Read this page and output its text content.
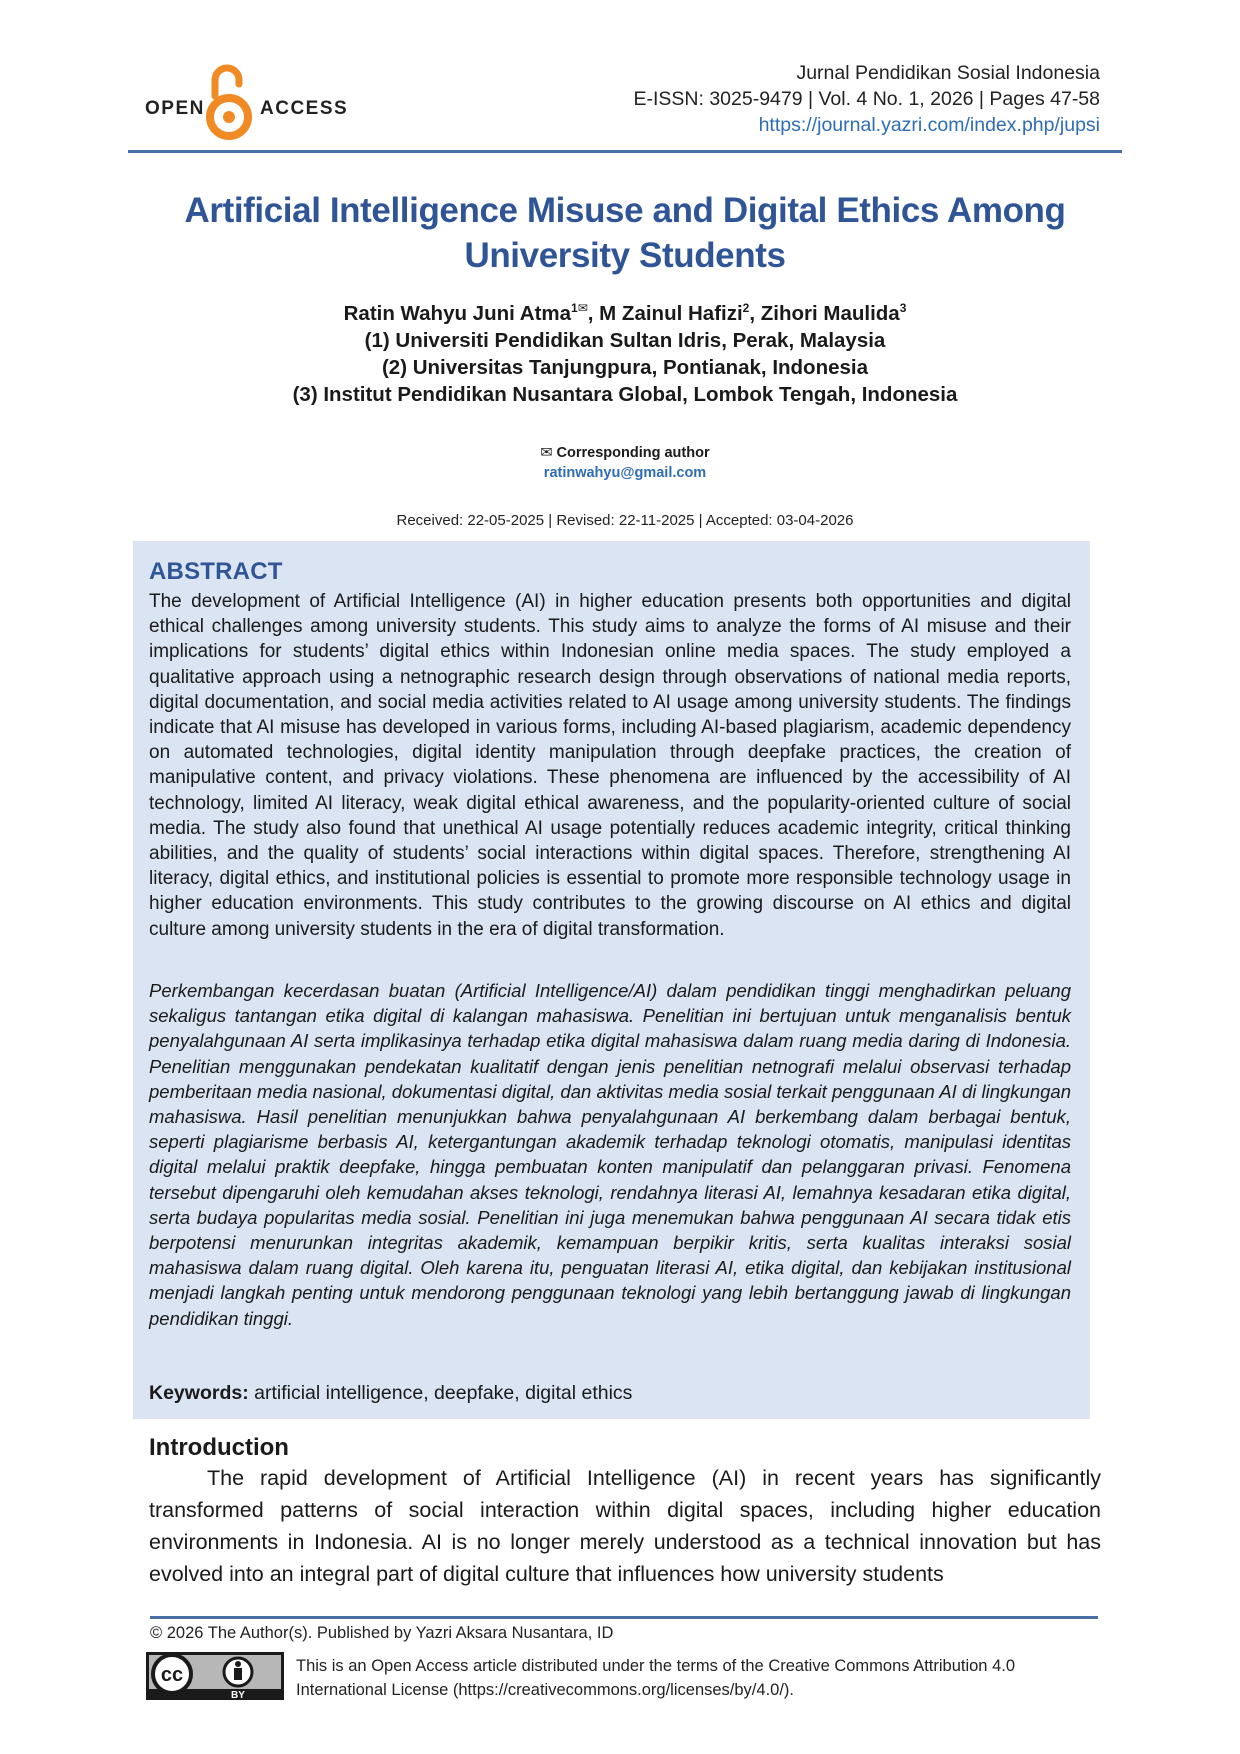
OPEN	ACCESS
Jurnal Pendidikan Sosial Indonesia
E-ISSN: 3025-9479 | Vol. 4 No. 1, 2026 | Pages 47-58
https://journal.yazri.com/index.php/jupsi
Artificial Intelligence Misuse and Digital Ethics Among University Students
Ratin Wahyu Juni Atma$^{1✉}$, M Zainul Hafizi$^2$, Zihori Maulida$^3$
(1) Universiti Pendidikan Sultan Idris, Perak, Malaysia
(2) Universitas Tanjungpura, Pontianak, Indonesia
(3) Institut Pendidikan Nusantara Global, Lombok Tengah, Indonesia
✉ Corresponding author
ratinwahyu@gmail.com
Received: 22-05-2025 | Revised: 22-11-2025 | Accepted: 03-04-2026
ABSTRACT
The development of Artificial Intelligence (AI) in higher education presents both opportunities and digital ethical challenges among university students. This study aims to analyze the forms of AI misuse and their implications for students’ digital ethics within Indonesian online media spaces. The study employed a qualitative approach using a netnographic research design through observations of national media reports, digital documentation, and social media activities related to AI usage among university students. The findings indicate that AI misuse has developed in various forms, including AI-based plagiarism, academic dependency on automated technologies, digital identity manipulation through deepfake practices, the creation of manipulative content, and privacy violations. These phenomena are influenced by the accessibility of AI technology, limited AI literacy, weak digital ethical awareness, and the popularity-oriented culture of social media. The study also found that unethical AI usage potentially reduces academic integrity, critical thinking abilities, and the quality of students’ social interactions within digital spaces. Therefore, strengthening AI literacy, digital ethics, and institutional policies is essential to promote more responsible technology usage in higher education environments. This study contributes to the growing discourse on AI ethics and digital culture among university students in the era of digital transformation.
Perkembangan kecerdasan buatan (Artificial Intelligence/AI) dalam pendidikan tinggi menghadirkan peluang sekaligus tantangan etika digital di kalangan mahasiswa. Penelitian ini bertujuan untuk menganalisis bentuk penyalahgunaan AI serta implikasinya terhadap etika digital mahasiswa dalam ruang media daring di Indonesia. Penelitian menggunakan pendekatan kualitatif dengan jenis penelitian netnografi melalui observasi terhadap pemberitaan media nasional, dokumentasi digital, dan aktivitas media sosial terkait penggunaan AI di lingkungan mahasiswa. Hasil penelitian menunjukkan bahwa penyalahgunaan AI berkembang dalam berbagai bentuk, seperti plagiarisme berbasis AI, ketergantungan akademik terhadap teknologi otomatis, manipulasi identitas digital melalui praktik deepfake, hingga pembuatan konten manipulatif dan pelanggaran privasi. Fenomena tersebut dipengaruhi oleh kemudahan akses teknologi, rendahnya literasi AI, lemahnya kesadaran etika digital, serta budaya popularitas media sosial. Penelitian ini juga menemukan bahwa penggunaan AI secara tidak etis berpotensi menurunkan integritas akademik, kemampuan berpikir kritis, serta kualitas interaksi sosial mahasiswa dalam ruang digital. Oleh karena itu, penguatan literasi AI, etika digital, dan kebijakan institusional menjadi langkah penting untuk mendorong penggunaan teknologi yang lebih bertanggung jawab di lingkungan pendidikan tinggi.
Keywords: artificial intelligence, deepfake, digital ethics
Introduction
The rapid development of Artificial Intelligence (AI) in recent years has significantly transformed patterns of social interaction within digital spaces, including higher education environments in Indonesia. AI is no longer merely understood as a technical innovation but has evolved into an integral part of digital culture that influences how university students
© 2026 The Author(s). Published by Yazri Aksara Nusantara, ID
cc
BY
This is an Open Access article distributed under the terms of the Creative Commons Attribution 4.0 International License (https://creativecommons.org/licenses/by/4.0/).
